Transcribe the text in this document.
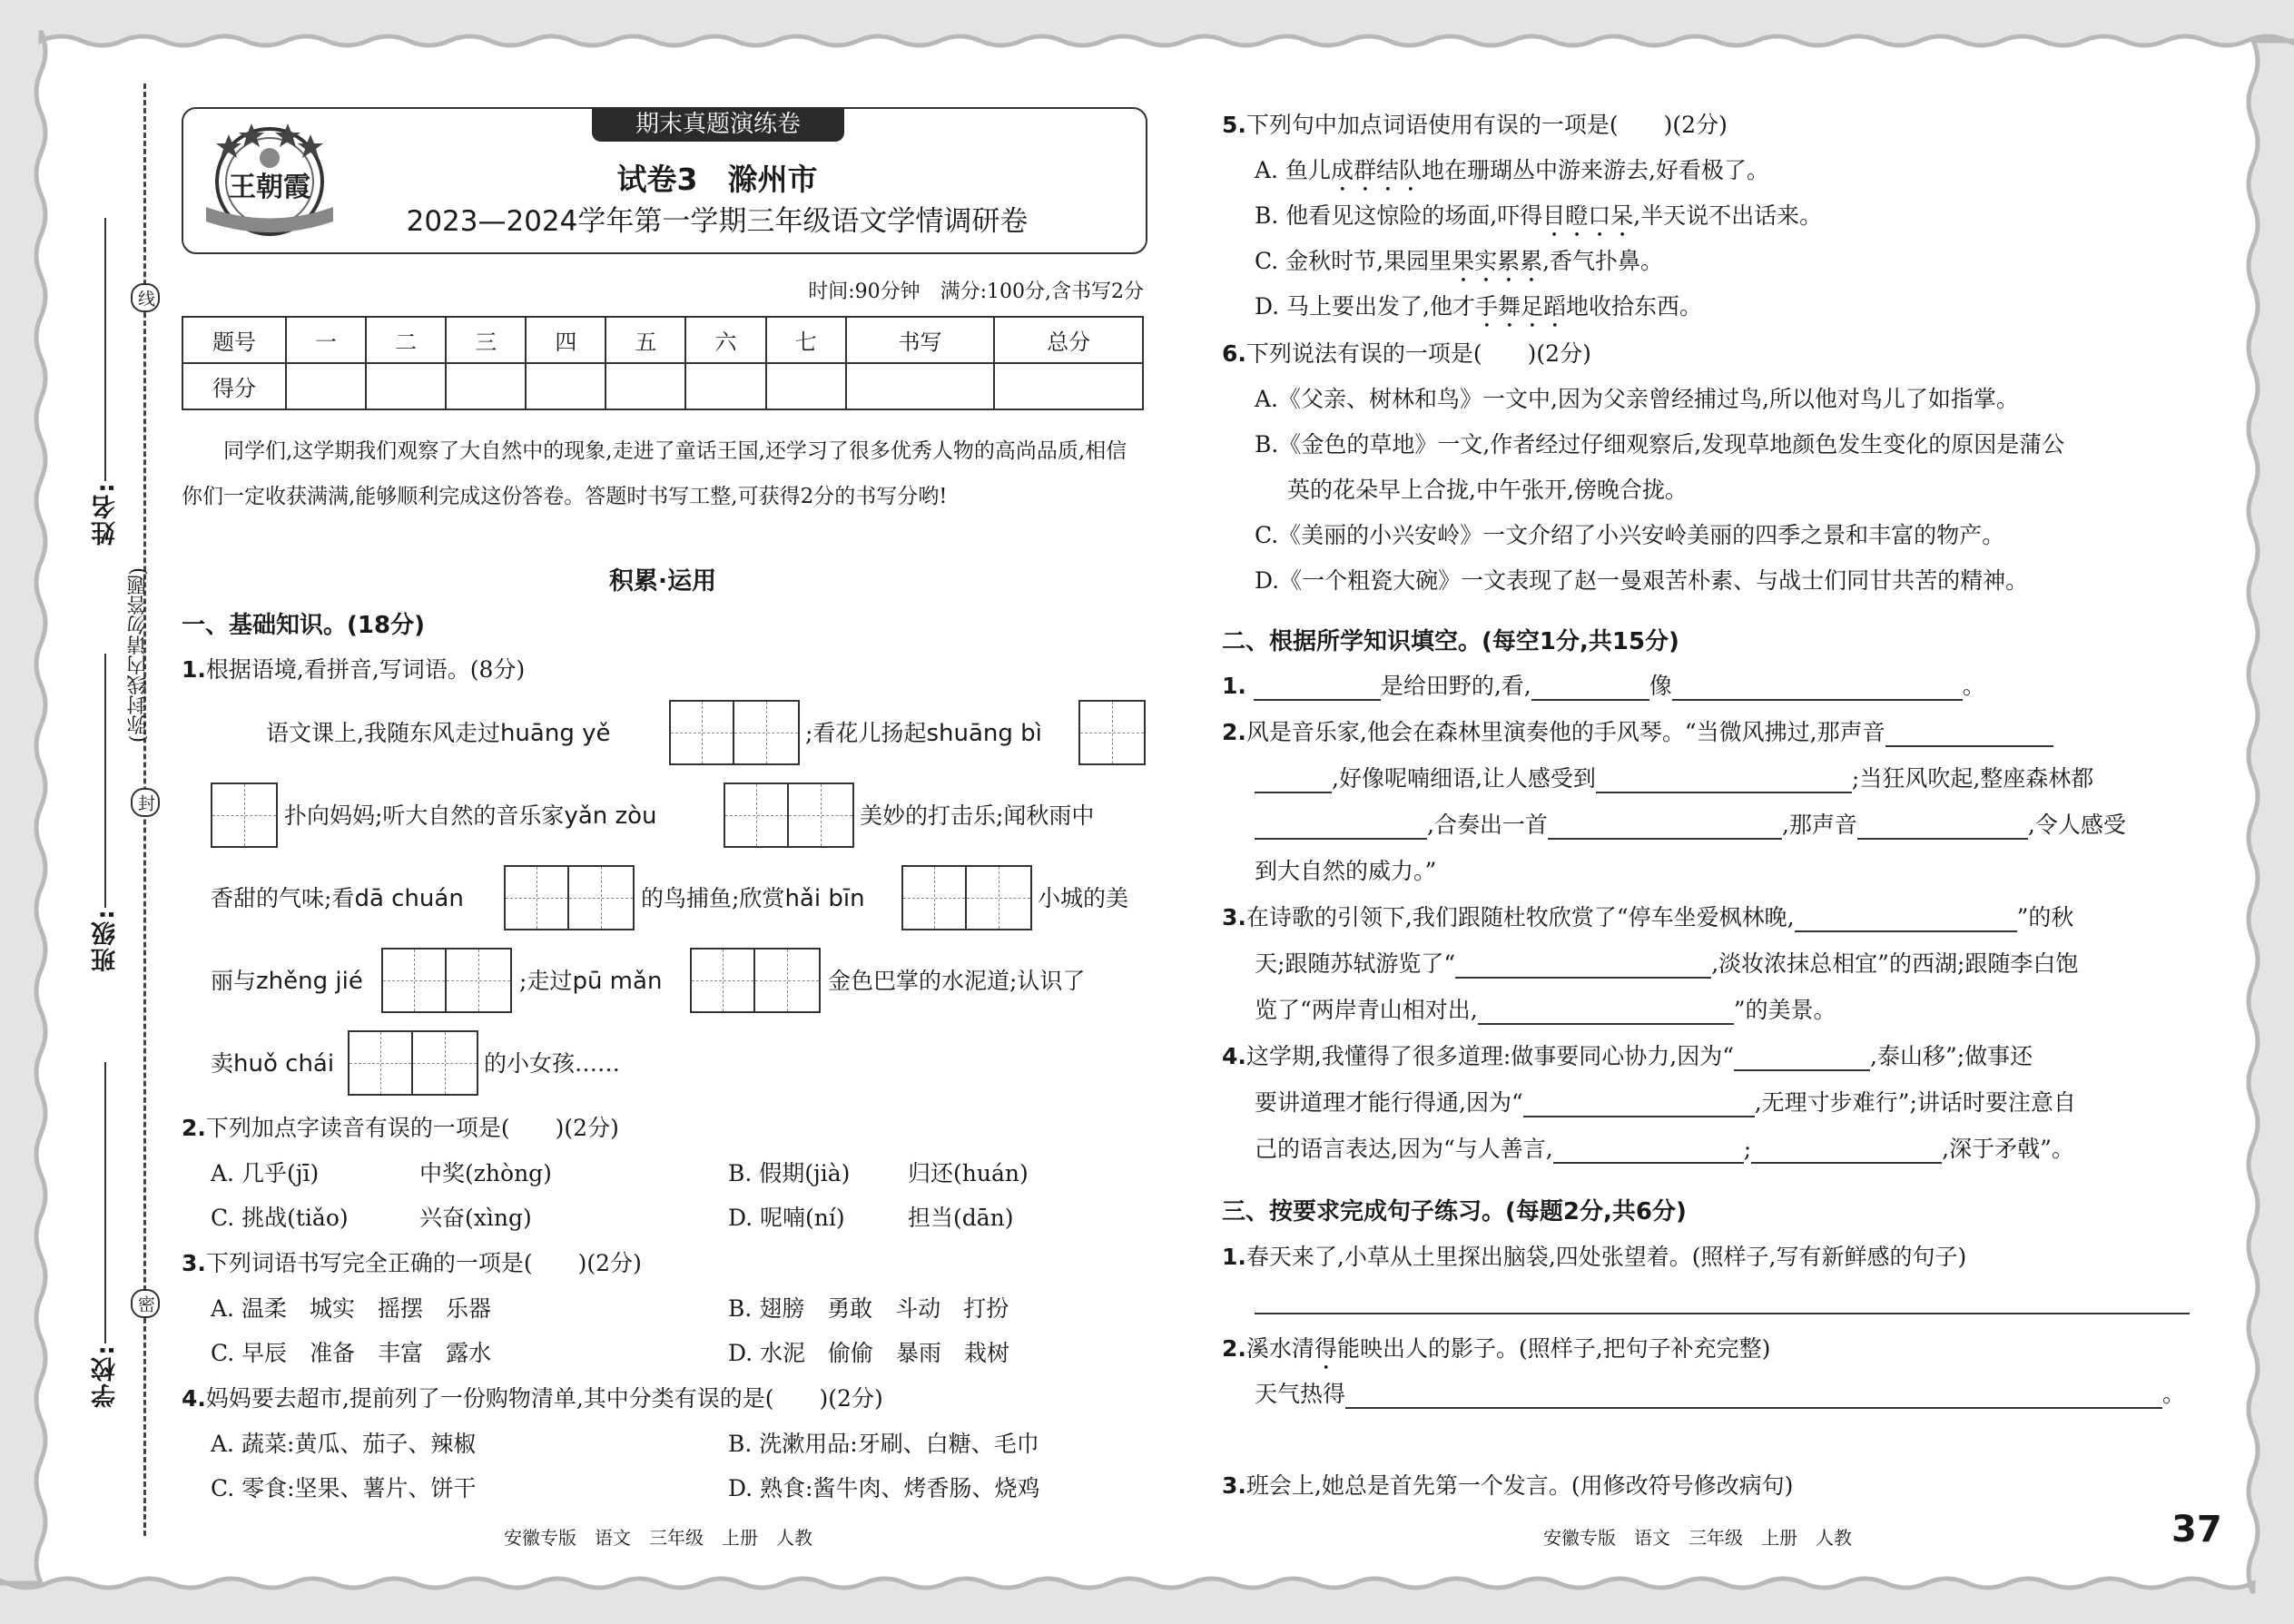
姓名:
班级:
学校:
(弥封线内请勿答题)
线
封
密
王朝霞
期末真题演练卷
试卷3　滁州市
2023—2024学年第一学期三年级语文学情调研卷
时间:90分钟　满分:100分,含书写2分
题号	一	二	三	四	五	六	七	书写	总分
得分									
同学们,这学期我们观察了大自然中的现象,走进了童话王国,还学习了很多优秀人物的高尚品质,相信你们一定收获满满,能够顺利完成这份答卷。答题时书写工整,可获得2分的书写分哟!
积累·运用
一、基础知识。(18分)
1.根据语境,看拼音,写词语。(8分)
语文课上,我随东风走过huāng yě	;看花儿扬起shuāng bì
扑向妈妈;听大自然的音乐家yǎn zòu	美妙的打击乐;闻秋雨中
香甜的气味;看dā chuán	的鸟捕鱼;欣赏hǎi bīn	小城的美
丽与zhěng jié	;走过pū mǎn	金色巴掌的水泥道;认识了
卖huǒ chái	的小女孩……
2.下列加点字读音有误的一项是(　　)(2分)
A. 几乎(jī)	中奖(zhòng)	B. 假期(jià)	归还(huán)
C. 挑战(tiǎo)	兴奋(xìng)	D. 呢喃(ní)	担当(dān)
3.下列词语书写完全正确的一项是(　　)(2分)
A. 温柔　城实　摇摆　乐器	B. 翅膀　勇敢　斗动　打扮
C. 早辰　准备　丰富　露水	D. 水泥　偷偷　暴雨　栽树
4.妈妈要去超市,提前列了一份购物清单,其中分类有误的是(　　)(2分)
A. 蔬菜:黄瓜、茄子、辣椒	B. 洗漱用品:牙刷、白糖、毛巾
C. 零食:坚果、薯片、饼干	D. 熟食:酱牛肉、烤香肠、烧鸡
安徽专版　语文　三年级　上册　人教
5.下列句中加点词语使用有误的一项是(　　)(2分)
A. 鱼儿成群结队地在珊瑚丛中游来游去,好看极了。
B. 他看见这惊险的场面,吓得目瞪口呆,半天说不出话来。
C. 金秋时节,果园里果实累累,香气扑鼻。
D. 马上要出发了,他才手舞足蹈地收拾东西。
6.下列说法有误的一项是(　　)(2分)
A.《父亲、树林和鸟》一文中,因为父亲曾经捕过鸟,所以他对鸟儿了如指掌。
B.《金色的草地》一文,作者经过仔细观察后,发现草地颜色发生变化的原因是蒲公
英的花朵早上合拢,中午张开,傍晚合拢。
C.《美丽的小兴安岭》一文介绍了小兴安岭美丽的四季之景和丰富的物产。
D.《一个粗瓷大碗》一文表现了赵一曼艰苦朴素、与战士们同甘共苦的精神。
二、根据所学知识填空。(每空1分,共15分)
1.	是给田野的,看,	像	。
2.风是音乐家,他会在森林里演奏他的手风琴。“当微风拂过,那声音
,好像呢喃细语,让人感受到	;当狂风吹起,整座森林都
,合奏出一首	,那声音	,令人感受
到大自然的威力。”
3.在诗歌的引领下,我们跟随杜牧欣赏了“停车坐爱枫林晚,	”的秋
天;跟随苏轼游览了“	,淡妆浓抹总相宜”的西湖;跟随李白饱
览了“两岸青山相对出,	”的美景。
4.这学期,我懂得了很多道理:做事要同心协力,因为“	,泰山移”;做事还
要讲道理才能行得通,因为“	,无理寸步难行”;讲话时要注意自
己的语言表达,因为“与人善言,	;	,深于矛戟”。
三、按要求完成句子练习。(每题2分,共6分)
1.春天来了,小草从土里探出脑袋,四处张望着。(照样子,写有新鲜感的句子)
2.溪水清得能映出人的影子。(照样子,把句子补充完整)
天气热得	。
3.班会上,她总是首先第一个发言。(用修改符号修改病句)
安徽专版　语文　三年级　上册　人教	37
